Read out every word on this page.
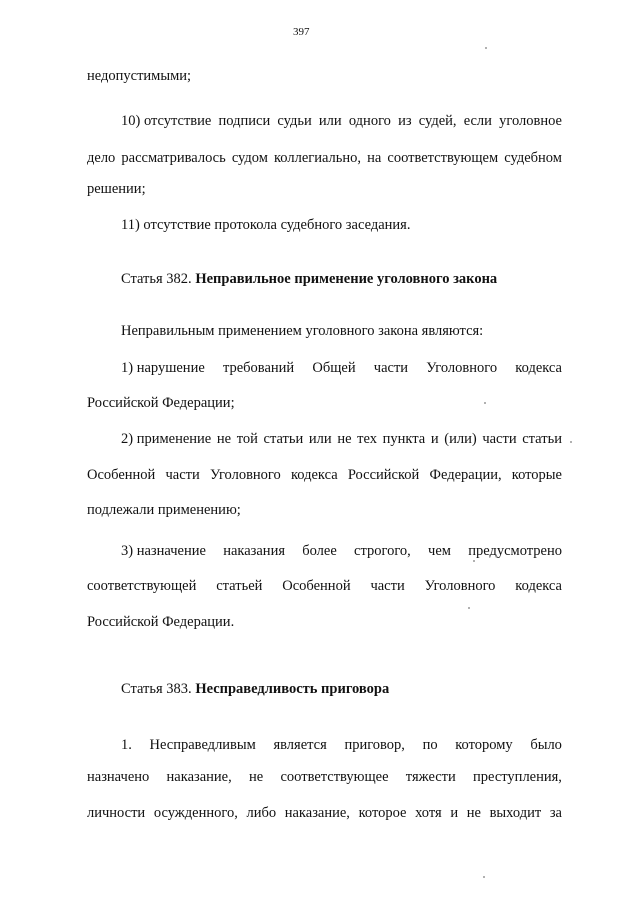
397
недопустимыми;
10) отсутствие подписи судьи или одного из судей, если уголовное
дело рассматривалось судом коллегиально, на соответствующем судебном
решении;
11) отсутствие протокола судебного заседания.
Статья 382. Неправильное применение уголовного закона
Неправильным применением уголовного закона являются:
1) нарушение требований Общей части Уголовного кодекса
Российской Федерации;
2) применение не той статьи или не тех пункта и (или) части статьи
Особенной части Уголовного кодекса Российской Федерации, которые
подлежали применению;
3) назначение наказания более строгого, чем предусмотрено
соответствующей статьей Особенной части Уголовного кодекса
Российской Федерации.
Статья 383. Несправедливость приговора
1. Несправедливым является приговор, по которому было
назначено наказание, не соответствующее тяжести преступления,
личности осужденного, либо наказание, которое хотя и не выходит за
